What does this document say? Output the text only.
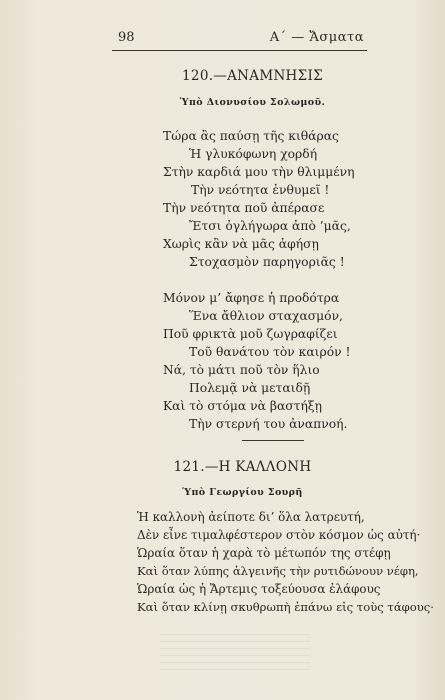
98	Α΄ — Ἄσματα
120.—ΑΝΑΜΝΗΣΙΣ
Ὑπὸ Διονυσίου Σολωμοῦ.
Τώρα ἂς παύσῃ τῆς κιθάρας
Ἡ γλυκόφωνη χορδή
Στὴν καρδιά μου τὴν θλιμμένη
Τὴν νεότητα ἐνθυμεῖ !
Τὴν νεότητα ποῦ ἀπέρασε
Ἔτσι ὀγλήγωρα ἀπὸ ’μᾶς,
Χωρὶς κἂν νὰ μᾶς ἀφήσῃ
Στοχασμὸν παρηγοριᾶς !
Μόνον μ’ ἄφησε ἡ προδότρα
Ἕνα ἄθλιον σταχασμόν,
Ποῦ φρικτὰ μοῦ ζωγραφίζει
Τοῦ θανάτου τὸν καιρόν !
Νά, τὸ μάτι ποῦ τὸν ἥλιο
Πολεμᾷ νὰ μεταιδῇ
Καὶ τὸ στόμα νὰ βαστήξῃ
Τὴν στερνή του ἀναπνοή.
121.—Η ΚΑΛΛΟΝΗ
Ὑπὸ Γεωργίου Σουρῆ
Ἡ καλλονὴ ἀείποτε δι’ ὅλα λατρευτή,
Δὲν εἶνε τιμαλφέστερον στὸν κόσμον ὡς αὐτή·
Ὡραία ὅταν ἡ χαρὰ τὸ μέτωπόν της στέφῃ
Καὶ ὅταν λύπης ἀλγεινῆς τὴν ρυτιδώνουν νέφη,
Ὡραία ὡς ἡ Ἄρτεμις τοξεύουσα ἐλάφους
Καὶ ὅταν κλίνῃ σκυθρωπὴ ἐπάνω εἰς τοὺς τάφους·
